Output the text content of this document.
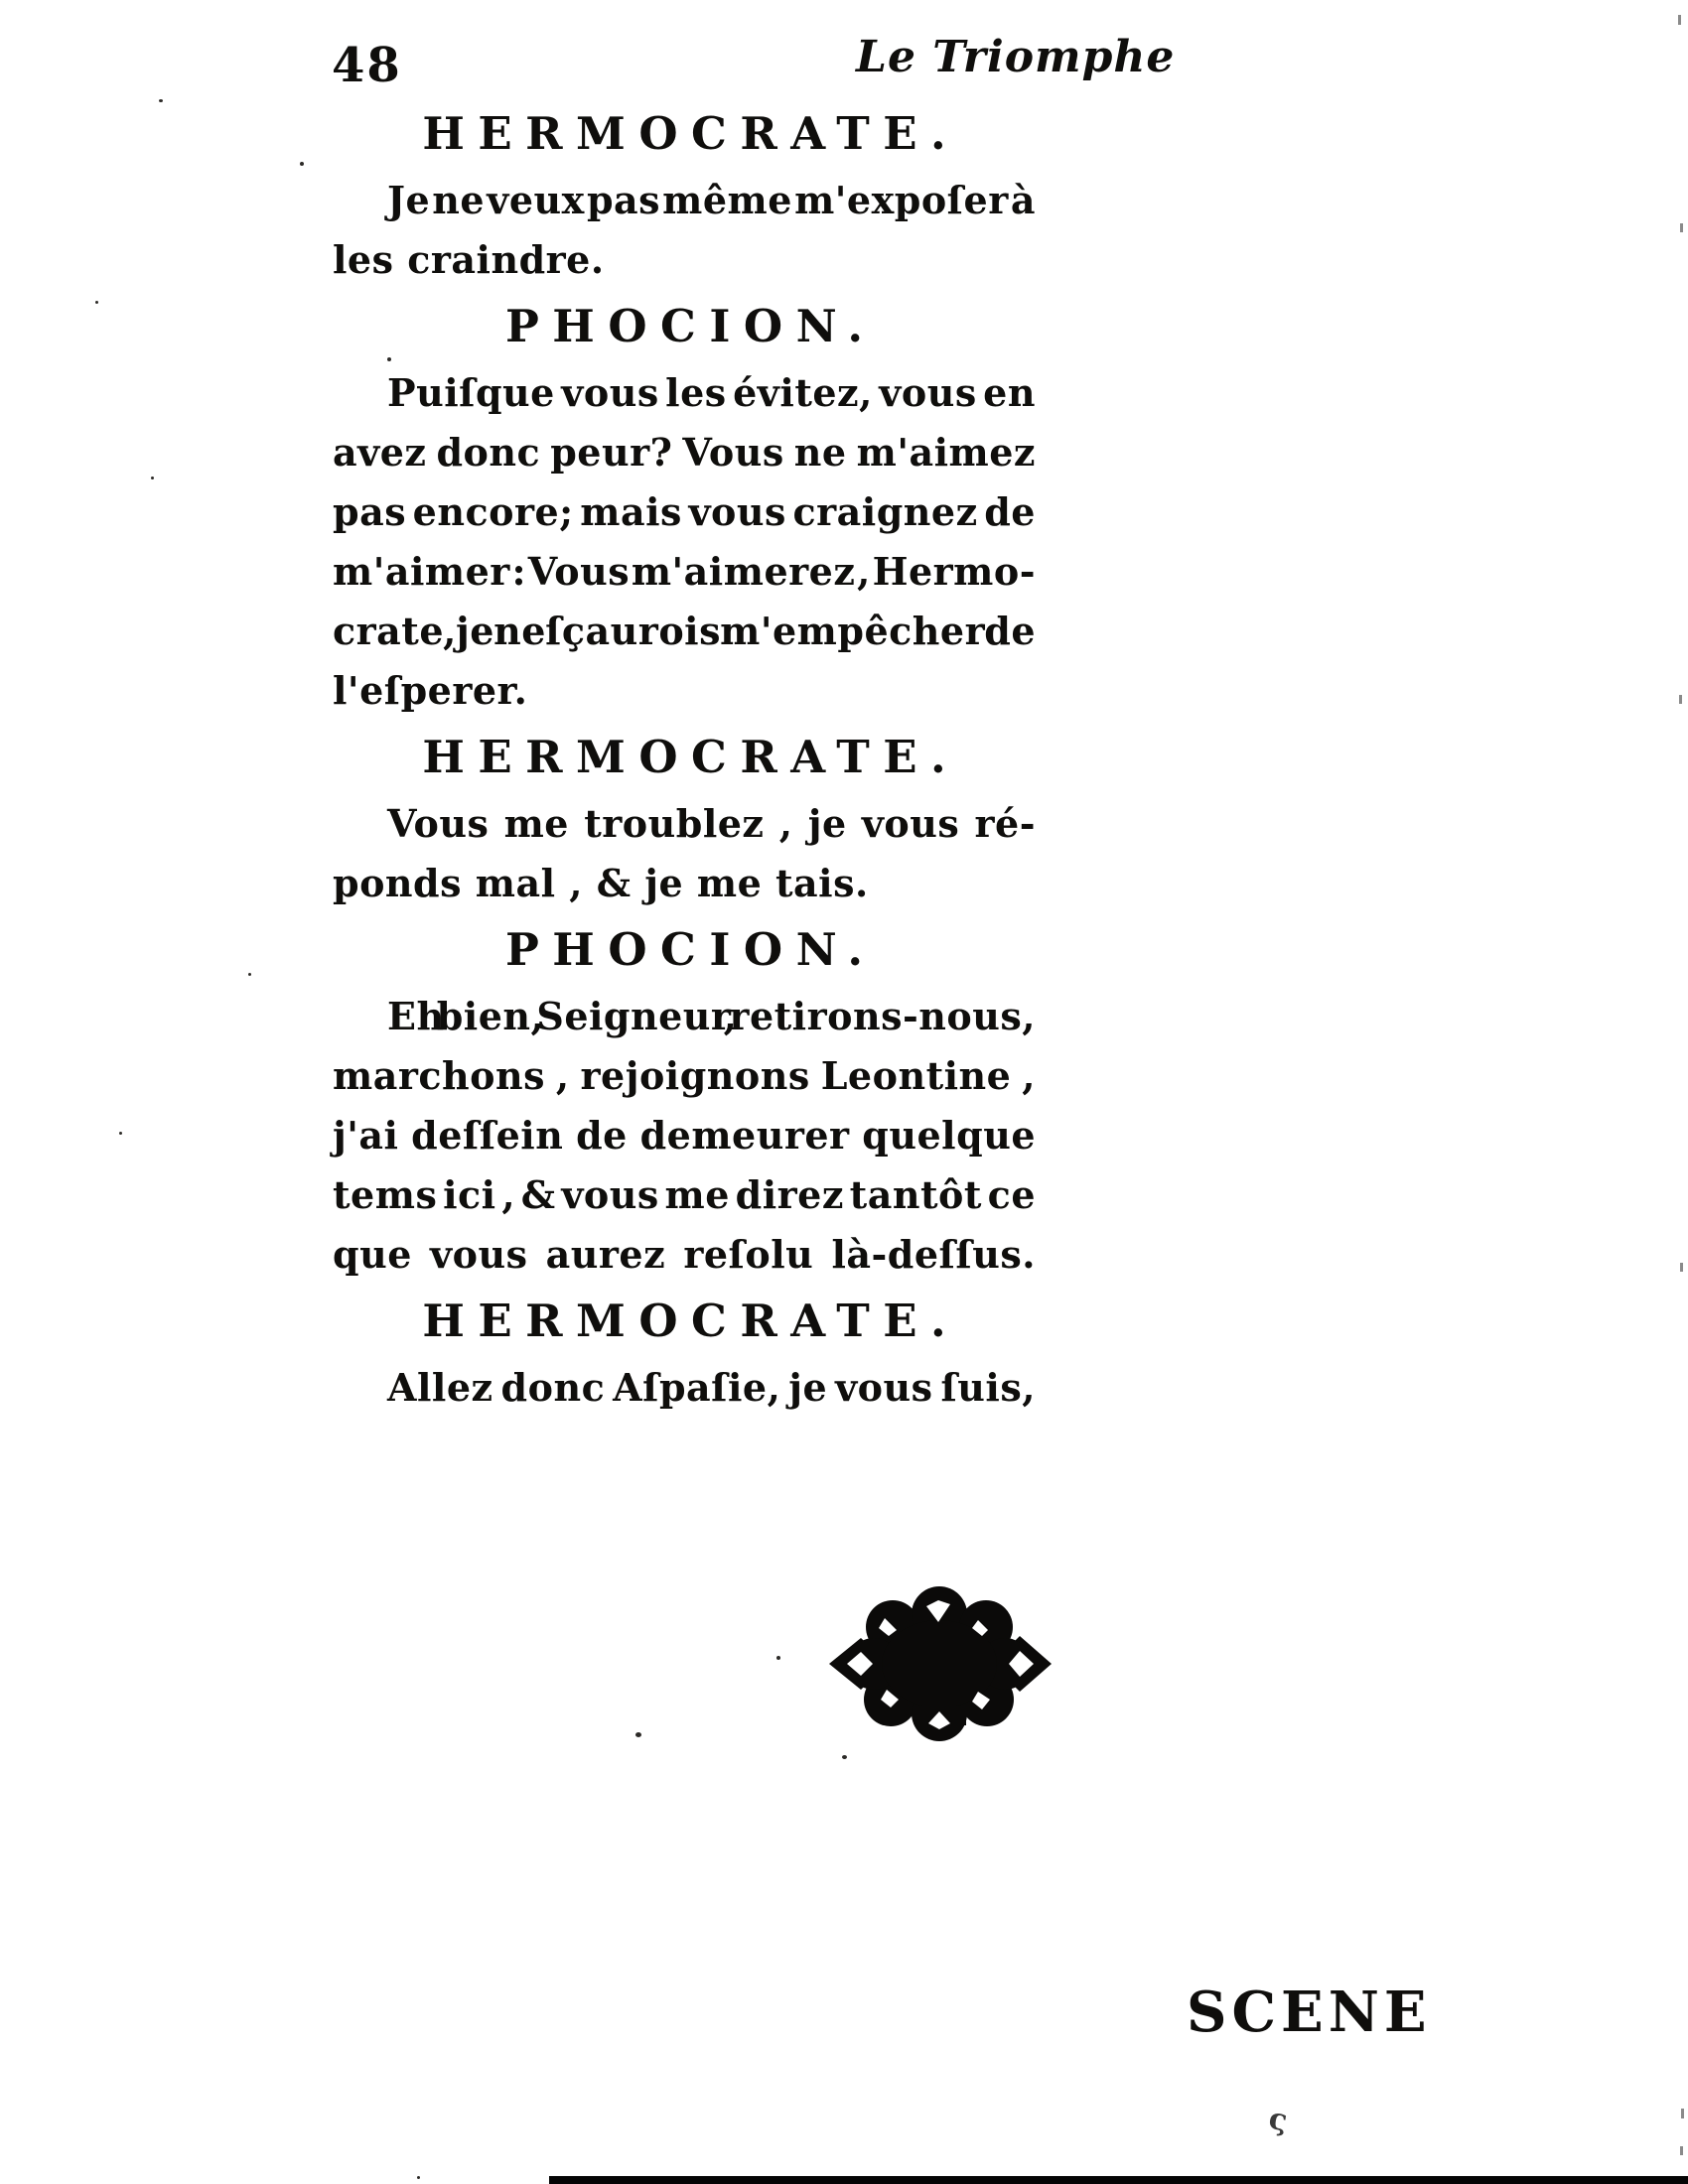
48	Le Triomphe
HERMOCRATE.
Je ne veux pas même m'expoſer à
les craindre.
PHOCION.
Puiſque vous les évitez, vous en
avez donc peur? Vous ne m'aimez
pas encore; mais vous craignez de
m'aimer : Vous m'aimerez , Hermo-
crate , je ne ſçaurois m'empêcher de
l'eſperer.
HERMOCRATE.
Vous me troublez , je vous ré-
ponds mal , & je me tais.
PHOCION.
Eh bien, Seigneur , retirons-nous,
marchons , rejoignons Leontine ,
j'ai deſſein de demeurer quelque
tems ici , & vous me direz tantôt ce
que vous aurez reſolu là-deſſus.
HERMOCRATE.
Allez donc Aſpaſie, je vous ſuis,
SCENE
ς
